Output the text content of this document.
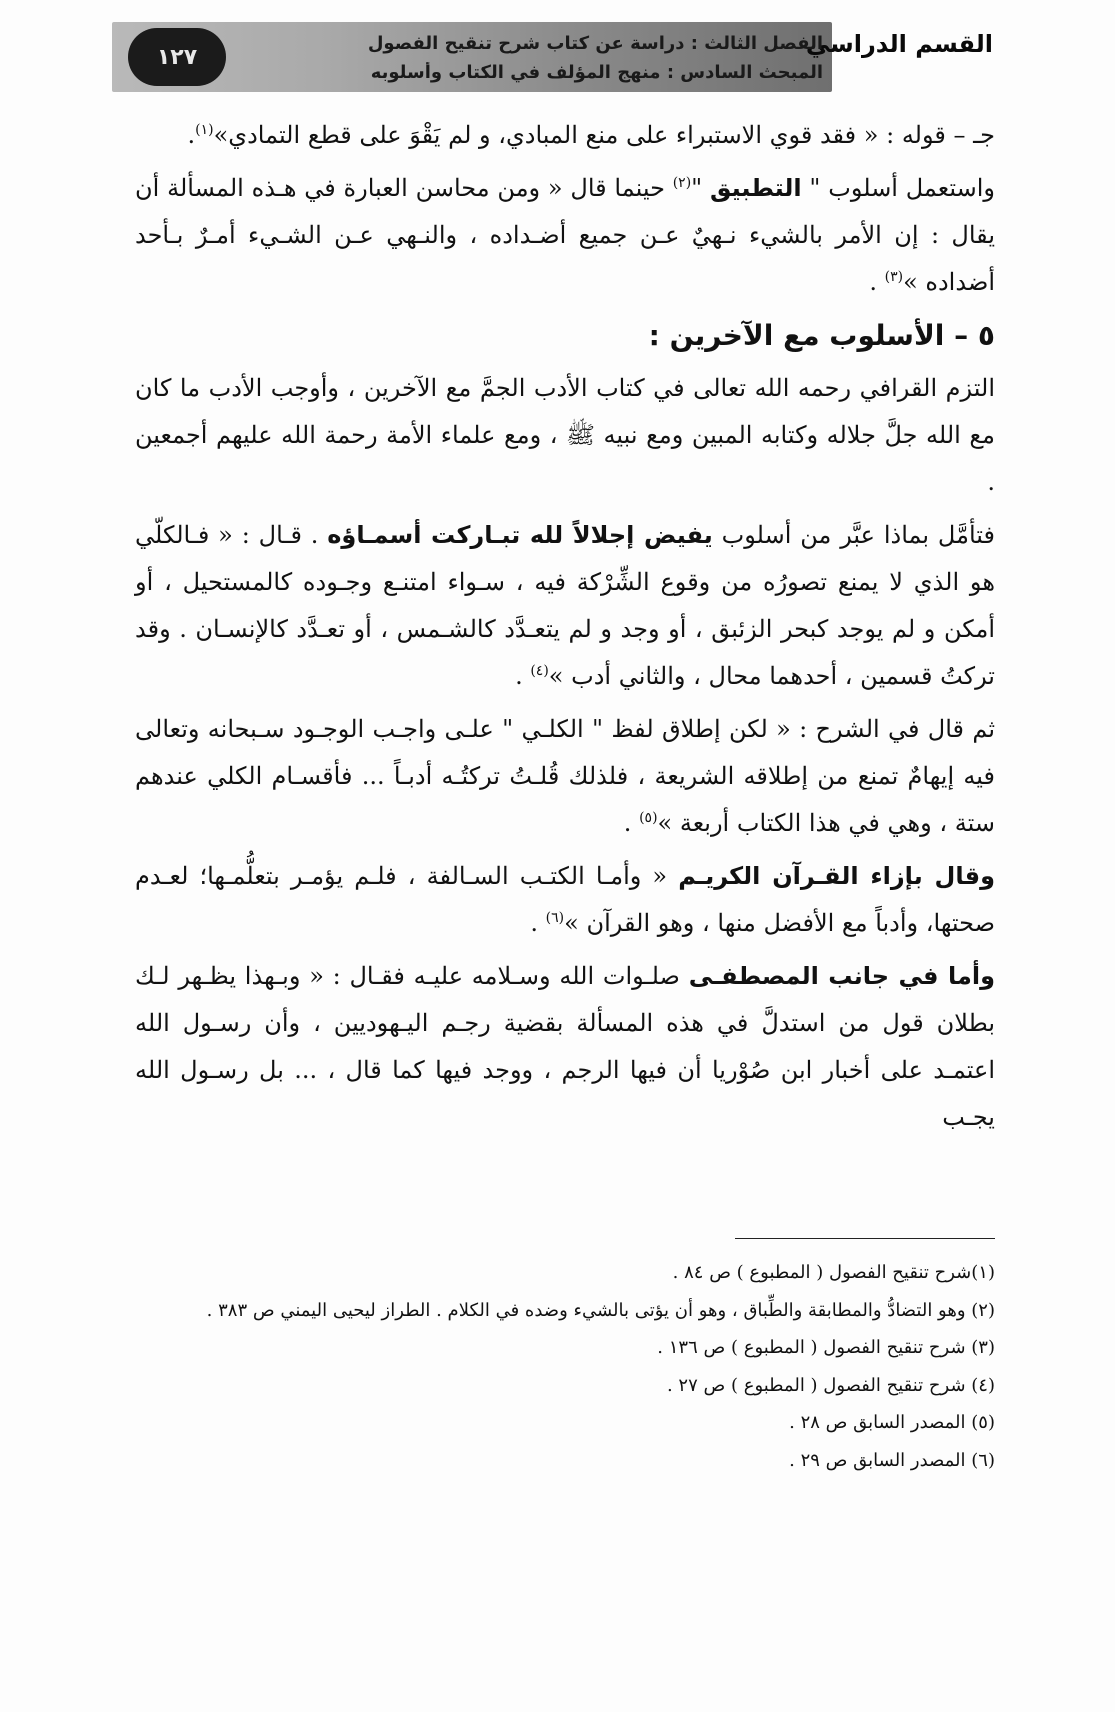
١٢٧	القسم الدراسي
الفصل الثالث : دراسة عن كتاب شرح تنقيح الفصول
المبحث السادس : منهج المؤلف في الكتاب وأسلوبه

جـ – قوله : « فقد قوي الاستبراء على منع المبادي، و لم يَقْوَ على قطع التمادي»$^{(١)}$.

واستعمل أسلوب " التطبيق "$^{(٢)}$ حينما قال « ومن محاسن العبارة في هـذه المسألة أن يقال : إن الأمر بالشيء نـهيٌ عـن جميع أضـداده ، والنـهي عـن الشـيء أمـرٌ بـأحد أضداده »$^{(٣)}$ .

٥ – الأسلوب مع الآخرين :

التزم القرافي رحمه الله تعالى في كتاب الأدب الجمَّ مع الآخرين ، وأوجب الأدب ما كان مع الله جلَّ جلاله وكتابه المبين ومع نبيه ﷺ ، ومع علماء الأمة رحمة الله عليهم أجمعين .

فتأمَّل بماذا عبَّر من أسلوب يفيض إجلالاً لله تبـاركت أسمـاؤه . قـال : « فـالكلّي هو الذي لا يمنع تصورُه من وقوع الشِّرْكة فيه ، سـواء امتنـع وجـوده كالمستحيل ، أو أمكن و لم يوجد كبحر الزئبق ، أو وجد و لم يتعـدَّد كالشـمس ، أو تعـدَّد كالإنسـان . وقد تركتُ قسمين ، أحدهما محال ، والثاني أدب »$^{(٤)}$ .

ثم قال في الشرح : « لكن إطلاق لفظ " الكلـي " علـى واجـب الوجـود سـبحانه وتعالى فيه إيهامٌ تمنع من إطلاقه الشريعة ، فلذلك قُلـتُ تركتُـه أدبـاً ... فأقسـام الكلي عندهم ستة ، وهي في هذا الكتاب أربعة »$^{(٥)}$ .

وقال بإزاء القـرآن الكريـم « وأمـا الكتـب السـالفة ، فلـم يؤمـر بتعلُّمـها؛ لعـدم صحتها، وأدباً مع الأفضل منها ، وهو القرآن »$^{(٦)}$ .

وأما في جانب المصطفـى صلـوات الله وسـلامه عليـه فقـال : « وبـهذا يظـهر لـك بطلان قول من استدلَّ في هذه المسألة بقضية رجـم اليـهوديين ، وأن رسـول الله اعتمـد على أخبار ابن صُوْريا أن فيها الرجم ، ووجد فيها كما قال ، ... بل رسـول الله يجـب

(١)شرح تنقيح الفصول ( المطبوع ) ص ٨٤ .

(٢) وهو التضادُّ والمطابقة والطِّباق ، وهو أن يؤتى بالشيء وضده في الكلام . الطراز ليحيى اليمني ص ٣٨٣ .

(٣) شرح تنقيح الفصول ( المطبوع ) ص ١٣٦ .

(٤) شرح تنقيح الفصول ( المطبوع ) ص ٢٧ .

(٥) المصدر السابق ص ٢٨ .

(٦) المصدر السابق ص ٢٩ .
